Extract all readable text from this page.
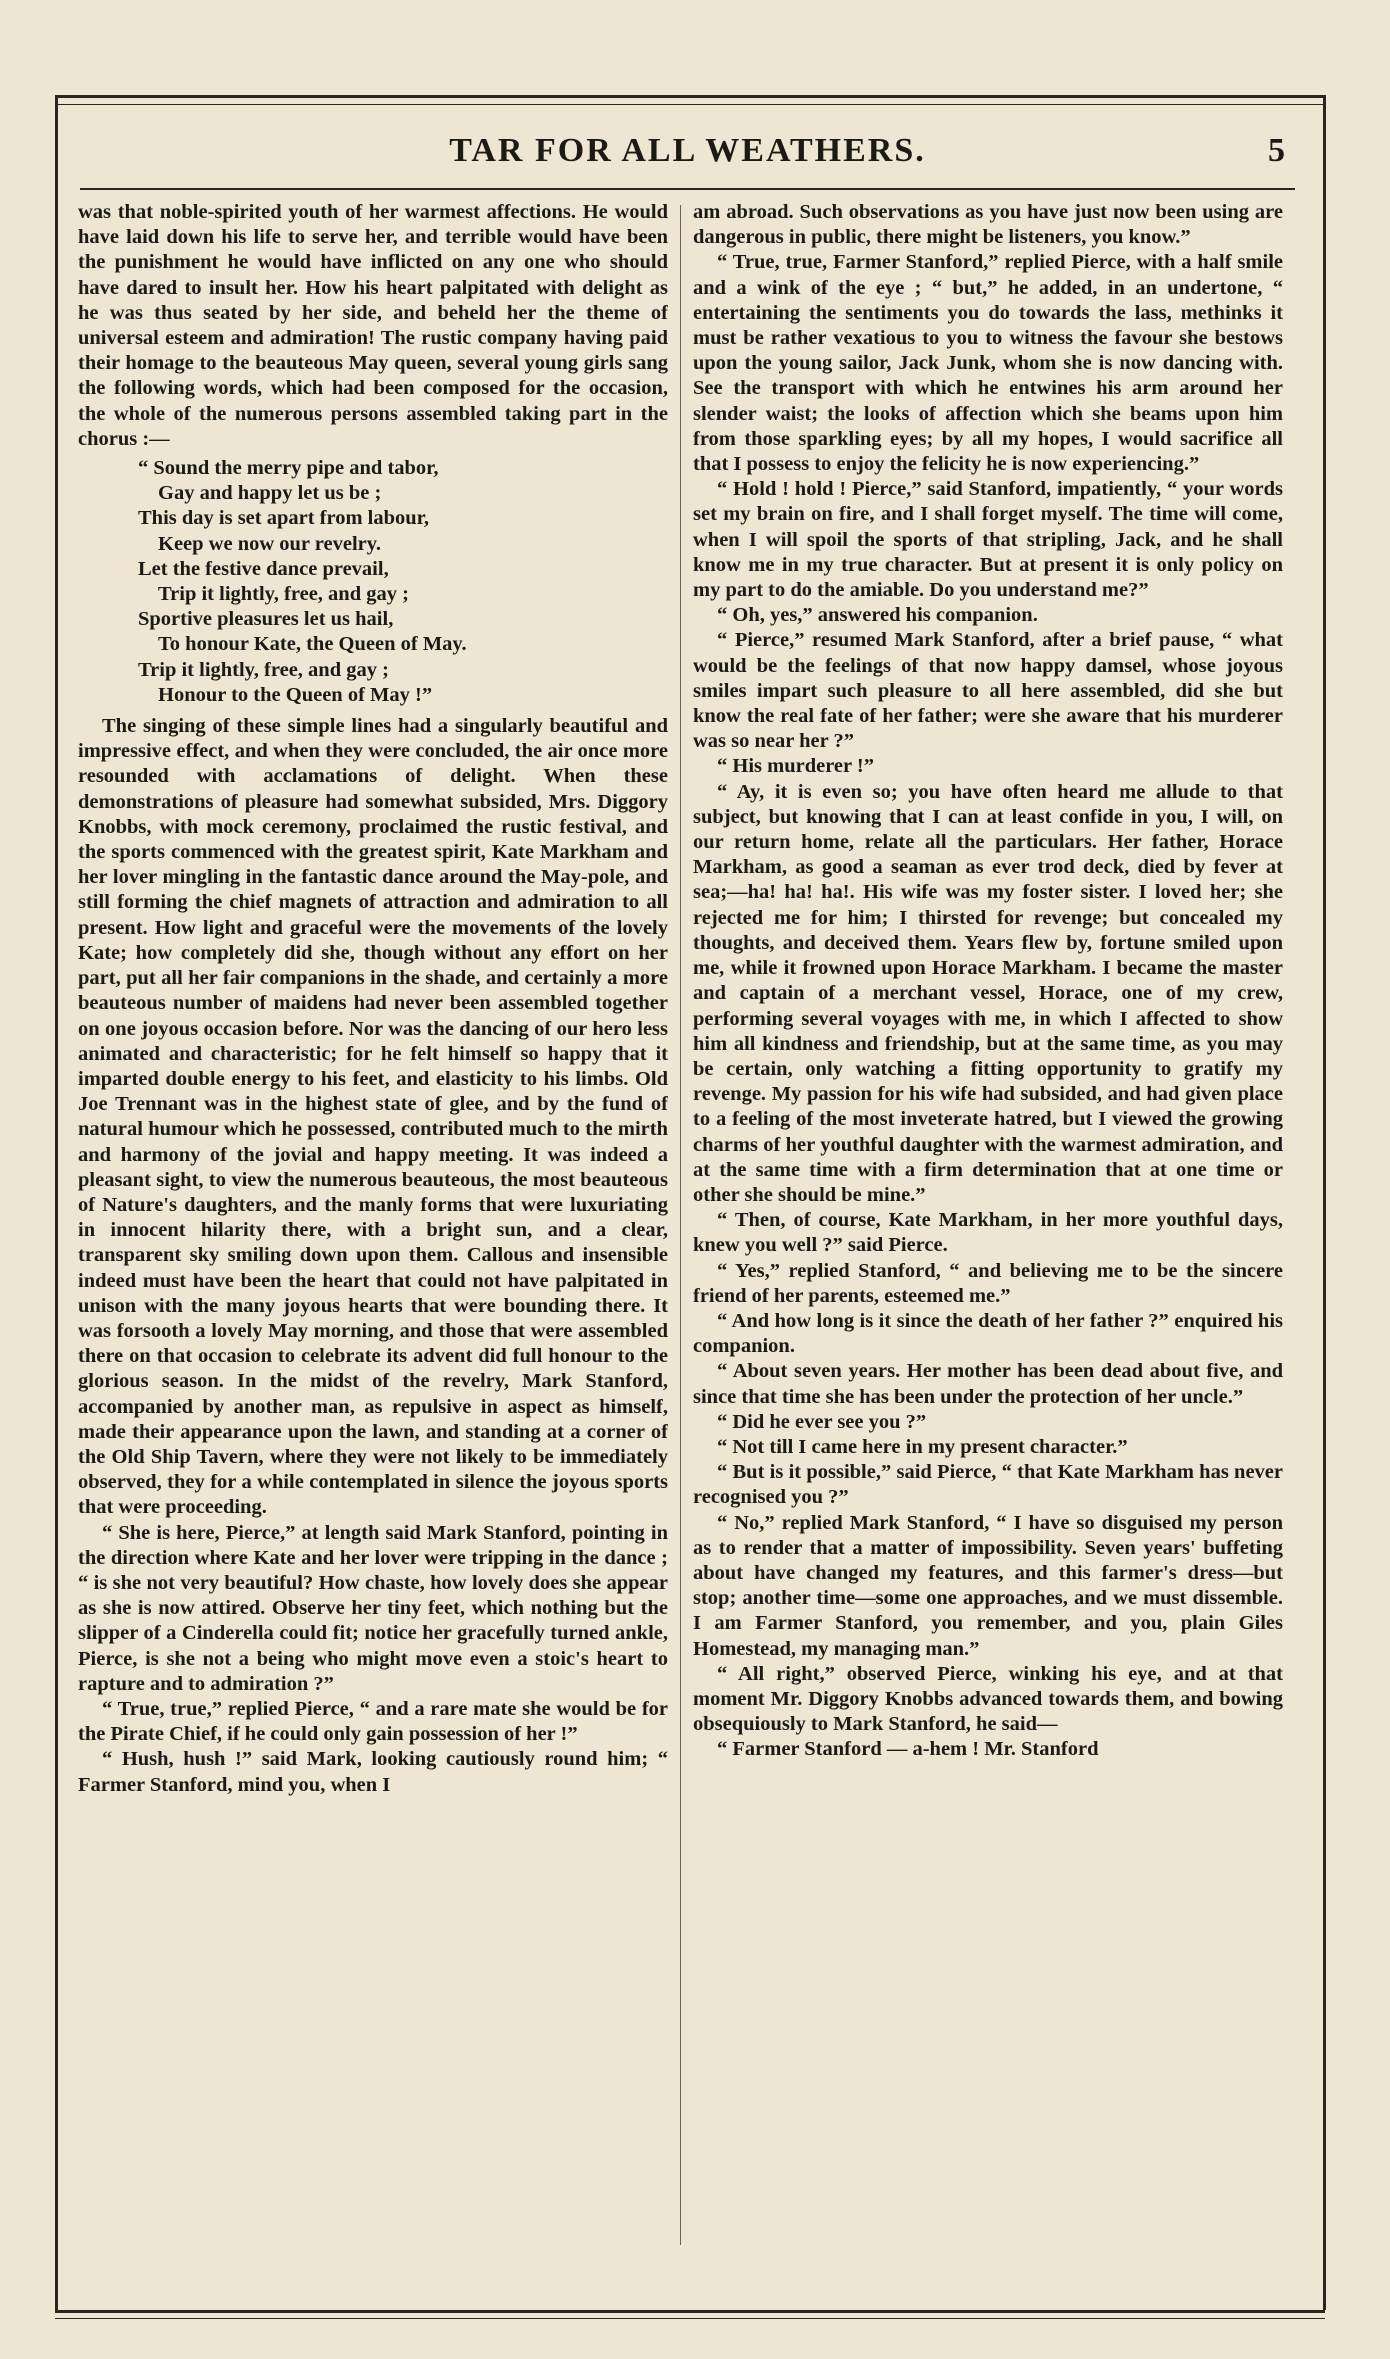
TAR FOR ALL WEATHERS.	5

was that noble-spirited youth of her warmest affections. He would have laid down his life to serve her, and terrible would have been the punishment he would have inflicted on any one who should have dared to insult her. How his heart palpitated with delight as he was thus seated by her side, and beheld her the theme of universal esteem and admiration! The rustic company having paid their homage to the beauteous May queen, several young girls sang the following words, which had been composed for the occasion, the whole of the numerous persons assembled taking part in the chorus :—

“ Sound the merry pipe and tabor,
Gay and happy let us be ;
This day is set apart from labour,
Keep we now our revelry.
Let the festive dance prevail,
Trip it lightly, free, and gay ;
Sportive pleasures let us hail,
To honour Kate, the Queen of May.
Trip it lightly, free, and gay ;
Honour to the Queen of May !”

The singing of these simple lines had a singularly beautiful and impressive effect, and when they were concluded, the air once more resounded with acclamations of delight. When these demonstrations of pleasure had somewhat subsided, Mrs. Diggory Knobbs, with mock ceremony, proclaimed the rustic festival, and the sports commenced with the greatest spirit, Kate Markham and her lover mingling in the fantastic dance around the May-pole, and still forming the chief magnets of attraction and admiration to all present. How light and graceful were the movements of the lovely Kate; how completely did she, though without any effort on her part, put all her fair companions in the shade, and certainly a more beauteous number of maidens had never been assembled together on one joyous occasion before. Nor was the dancing of our hero less animated and characteristic; for he felt himself so happy that it imparted double energy to his feet, and elasticity to his limbs. Old Joe Trennant was in the highest state of glee, and by the fund of natural humour which he possessed, contributed much to the mirth and harmony of the jovial and happy meeting. It was indeed a pleasant sight, to view the numerous beauteous, the most beauteous of Nature's daughters, and the manly forms that were luxuriating in innocent hilarity there, with a bright sun, and a clear, transparent sky smiling down upon them. Callous and insensible indeed must have been the heart that could not have palpitated in unison with the many joyous hearts that were bounding there. It was forsooth a lovely May morning, and those that were assembled there on that occasion to celebrate its advent did full honour to the glorious season. In the midst of the revelry, Mark Stanford, accompanied by another man, as repulsive in aspect as himself, made their appearance upon the lawn, and standing at a corner of the Old Ship Tavern, where they were not likely to be immediately observed, they for a while contemplated in silence the joyous sports that were proceeding.

“ She is here, Pierce,” at length said Mark Stanford, pointing in the direction where Kate and her lover were tripping in the dance ; “ is she not very beautiful? How chaste, how lovely does she appear as she is now attired. Observe her tiny feet, which nothing but the slipper of a Cinderella could fit; notice her gracefully turned ankle, Pierce, is she not a being who might move even a stoic's heart to rapture and to admiration ?”

“ True, true,” replied Pierce, “ and a rare mate she would be for the Pirate Chief, if he could only gain possession of her !”

“ Hush, hush !” said Mark, looking cautiously round him; “ Farmer Stanford, mind you, when I

am abroad. Such observations as you have just now been using are dangerous in public, there might be listeners, you know.”

“ True, true, Farmer Stanford,” replied Pierce, with a half smile and a wink of the eye ; “ but,” he added, in an undertone, “ entertaining the sentiments you do towards the lass, methinks it must be rather vexatious to you to witness the favour she bestows upon the young sailor, Jack Junk, whom she is now dancing with. See the transport with which he entwines his arm around her slender waist; the looks of affection which she beams upon him from those sparkling eyes; by all my hopes, I would sacrifice all that I possess to enjoy the felicity he is now experiencing.”

“ Hold ! hold ! Pierce,” said Stanford, impatiently, “ your words set my brain on fire, and I shall forget myself. The time will come, when I will spoil the sports of that stripling, Jack, and he shall know me in my true character. But at present it is only policy on my part to do the amiable. Do you understand me?”

“ Oh, yes,” answered his companion.

“ Pierce,” resumed Mark Stanford, after a brief pause, “ what would be the feelings of that now happy damsel, whose joyous smiles impart such pleasure to all here assembled, did she but know the real fate of her father; were she aware that his murderer was so near her ?”

“ His murderer !”

“ Ay, it is even so; you have often heard me allude to that subject, but knowing that I can at least confide in you, I will, on our return home, relate all the particulars. Her father, Horace Markham, as good a seaman as ever trod deck, died by fever at sea;—ha! ha! ha!. His wife was my foster sister. I loved her; she rejected me for him; I thirsted for revenge; but concealed my thoughts, and deceived them. Years flew by, fortune smiled upon me, while it frowned upon Horace Markham. I became the master and captain of a merchant vessel, Horace, one of my crew, performing several voyages with me, in which I affected to show him all kindness and friendship, but at the same time, as you may be certain, only watching a fitting opportunity to gratify my revenge. My passion for his wife had subsided, and had given place to a feeling of the most inveterate hatred, but I viewed the growing charms of her youthful daughter with the warmest admiration, and at the same time with a firm determination that at one time or other she should be mine.”

“ Then, of course, Kate Markham, in her more youthful days, knew you well ?” said Pierce.

“ Yes,” replied Stanford, “ and believing me to be the sincere friend of her parents, esteemed me.”

“ And how long is it since the death of her father ?” enquired his companion.

“ About seven years. Her mother has been dead about five, and since that time she has been under the protection of her uncle.”

“ Did he ever see you ?”

“ Not till I came here in my present character.”

“ But is it possible,” said Pierce, “ that Kate Markham has never recognised you ?”

“ No,” replied Mark Stanford, “ I have so disguised my person as to render that a matter of impossibility. Seven years' buffeting about have changed my features, and this farmer's dress—but stop; another time—some one approaches, and we must dissemble. I am Farmer Stanford, you remember, and you, plain Giles Homestead, my managing man.”

“ All right,” observed Pierce, winking his eye, and at that moment Mr. Diggory Knobbs advanced towards them, and bowing obsequiously to Mark Stanford, he said—

“ Farmer Stanford — a-hem ! Mr. Stanford
